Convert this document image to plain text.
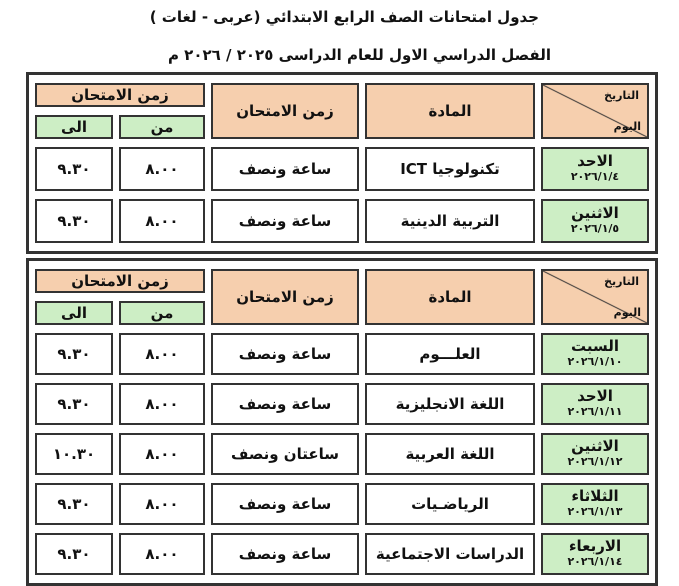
جدول امتحانات الصف الرابع الابتدائي (عربى - لغات )
الفصل الدراسي الاول للعام الدراسى ٢٠٢٥ / ٢٠٢٦ م
زمن الامتحان		زمن الامتحان	المادة	التاريخ
اليوم

الى	من			
٩.٣٠	٨.٠٠	ساعة ونصف	تكنولوجيا ICT	الاحد
٢٠٢٦/١/٤

٩.٣٠	٨.٠٠	ساعة ونصف	التربية الدينية	الاثنين
٢٠٢٦/١/٥
زمن الامتحان		زمن الامتحان	المادة	التاريخ
اليوم

الى	من			
٩.٣٠	٨.٠٠	ساعة ونصف	العلـــوم	السبت
٢٠٢٦/١/١٠

٩.٣٠	٨.٠٠	ساعة ونصف	اللغة الانجليزية	الاحد
٢٠٢٦/١/١١

١٠.٣٠	٨.٠٠	ساعتان ونصف	اللغة العربية	الاثنين
٢٠٢٦/١/١٢

٩.٣٠	٨.٠٠	ساعة ونصف	الرياضـيات	الثلاثاء
٢٠٢٦/١/١٣

٩.٣٠	٨.٠٠	ساعة ونصف	الدراسات الاجتماعية	الاربعاء
٢٠٢٦/١/١٤
